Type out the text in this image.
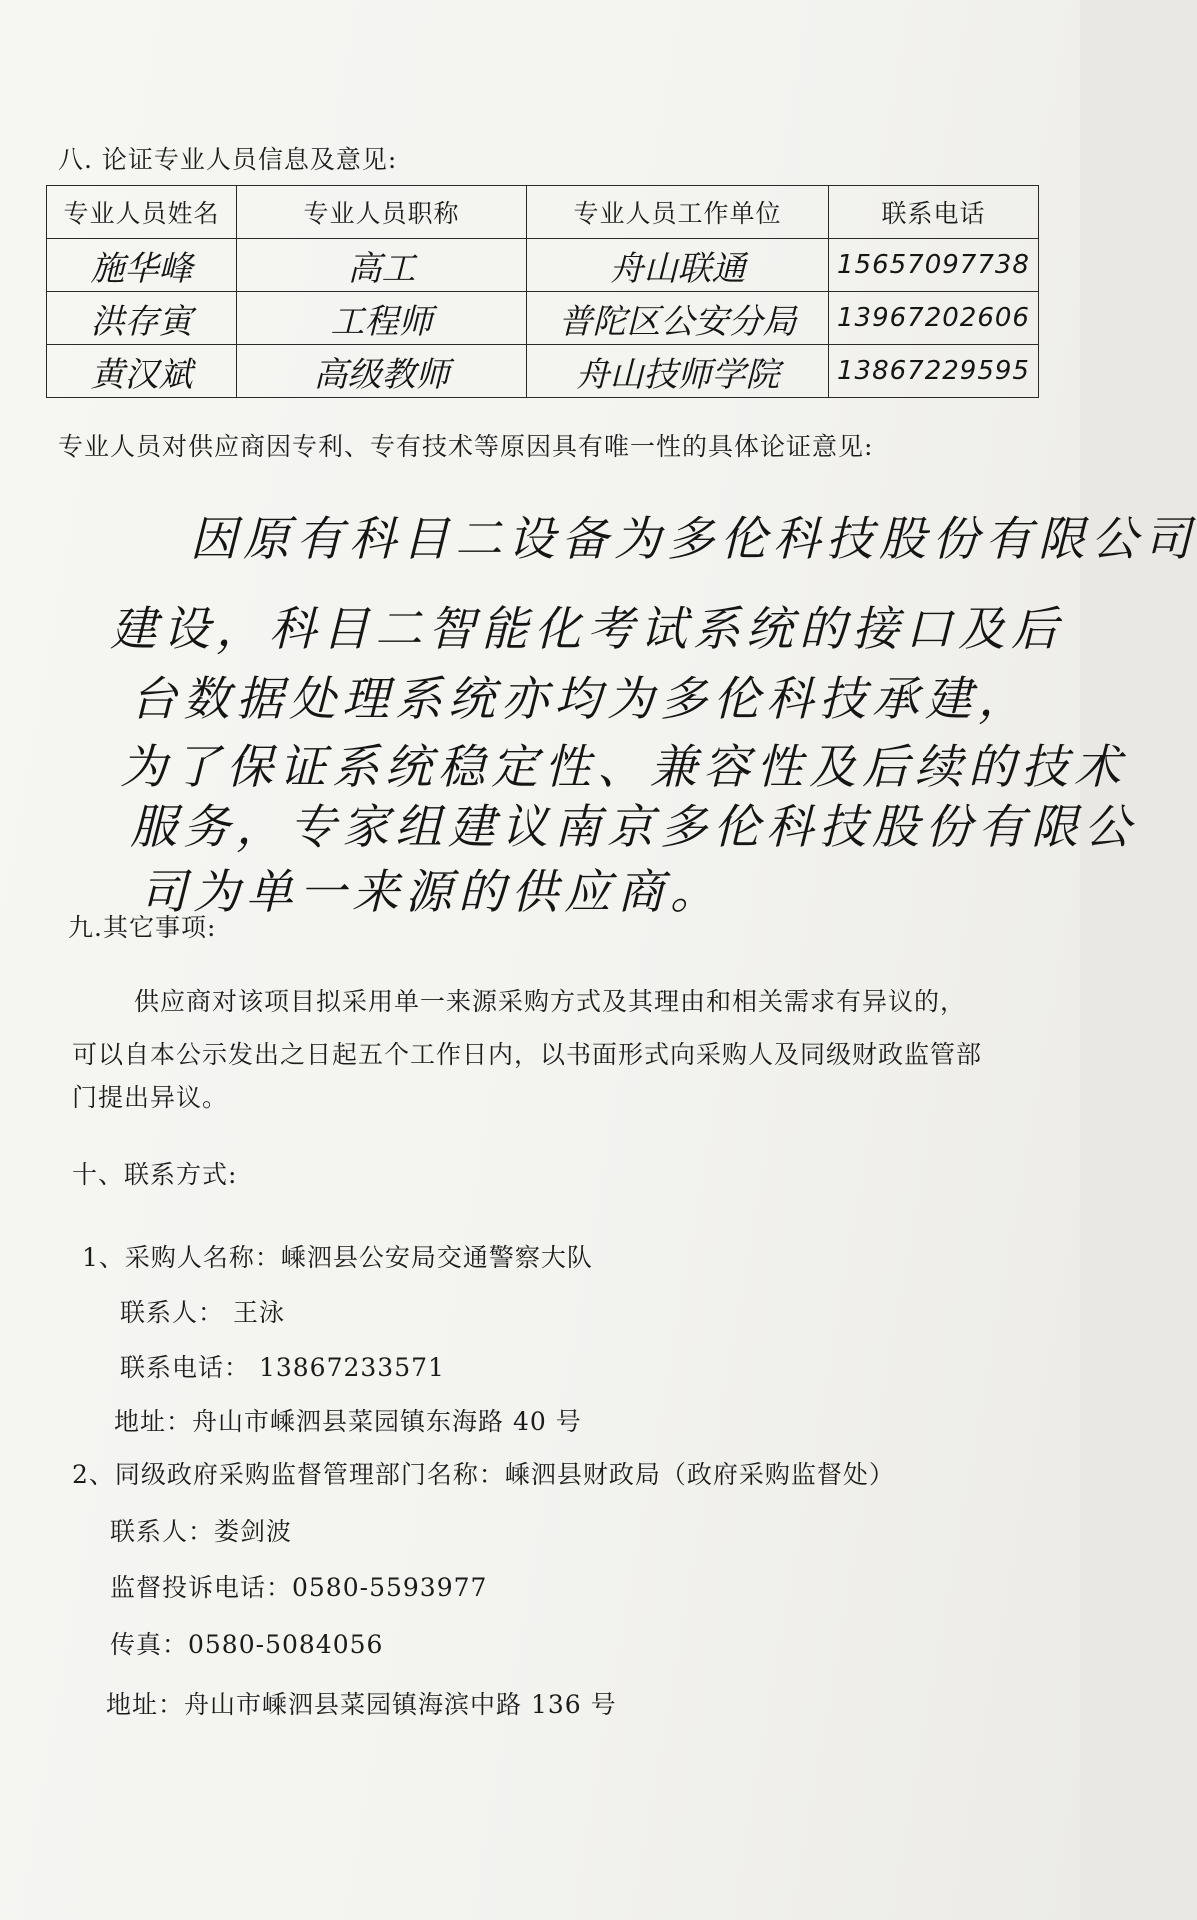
八. 论证专业人员信息及意见:
专业人员姓名	专业人员职称	专业人员工作单位	联系电话
施华峰	高工	舟山联通	15657097738
洪存寅	工程师	普陀区公安分局	13967202606
黄汉斌	高级教师	舟山技师学院	13867229595
专业人员对供应商因专利、专有技术等原因具有唯一性的具体论证意见:
因原有科目二设备为多伦科技股份有限公司
建设，科目二智能化考试系统的接口及后
台数据处理系统亦均为多伦科技承建，
为了保证系统稳定性、兼容性及后续的技术
服务，专家组建议南京多伦科技股份有限公
司为单一来源的供应商。
九.其它事项:
供应商对该项目拟采用单一来源采购方式及其理由和相关需求有异议的，
可以自本公示发出之日起五个工作日内，以书面形式向采购人及同级财政监管部
门提出异议。
十、联系方式:
1、采购人名称：嵊泗县公安局交通警察大队
联系人： 王泳
联系电话： 13867233571
地址：舟山市嵊泗县菜园镇东海路 40 号
2、同级政府采购监督管理部门名称：嵊泗县财政局（政府采购监督处）
联系人：娄剑波
监督投诉电话：0580-5593977
传真：0580-5084056
地址：舟山市嵊泗县菜园镇海滨中路 136 号
